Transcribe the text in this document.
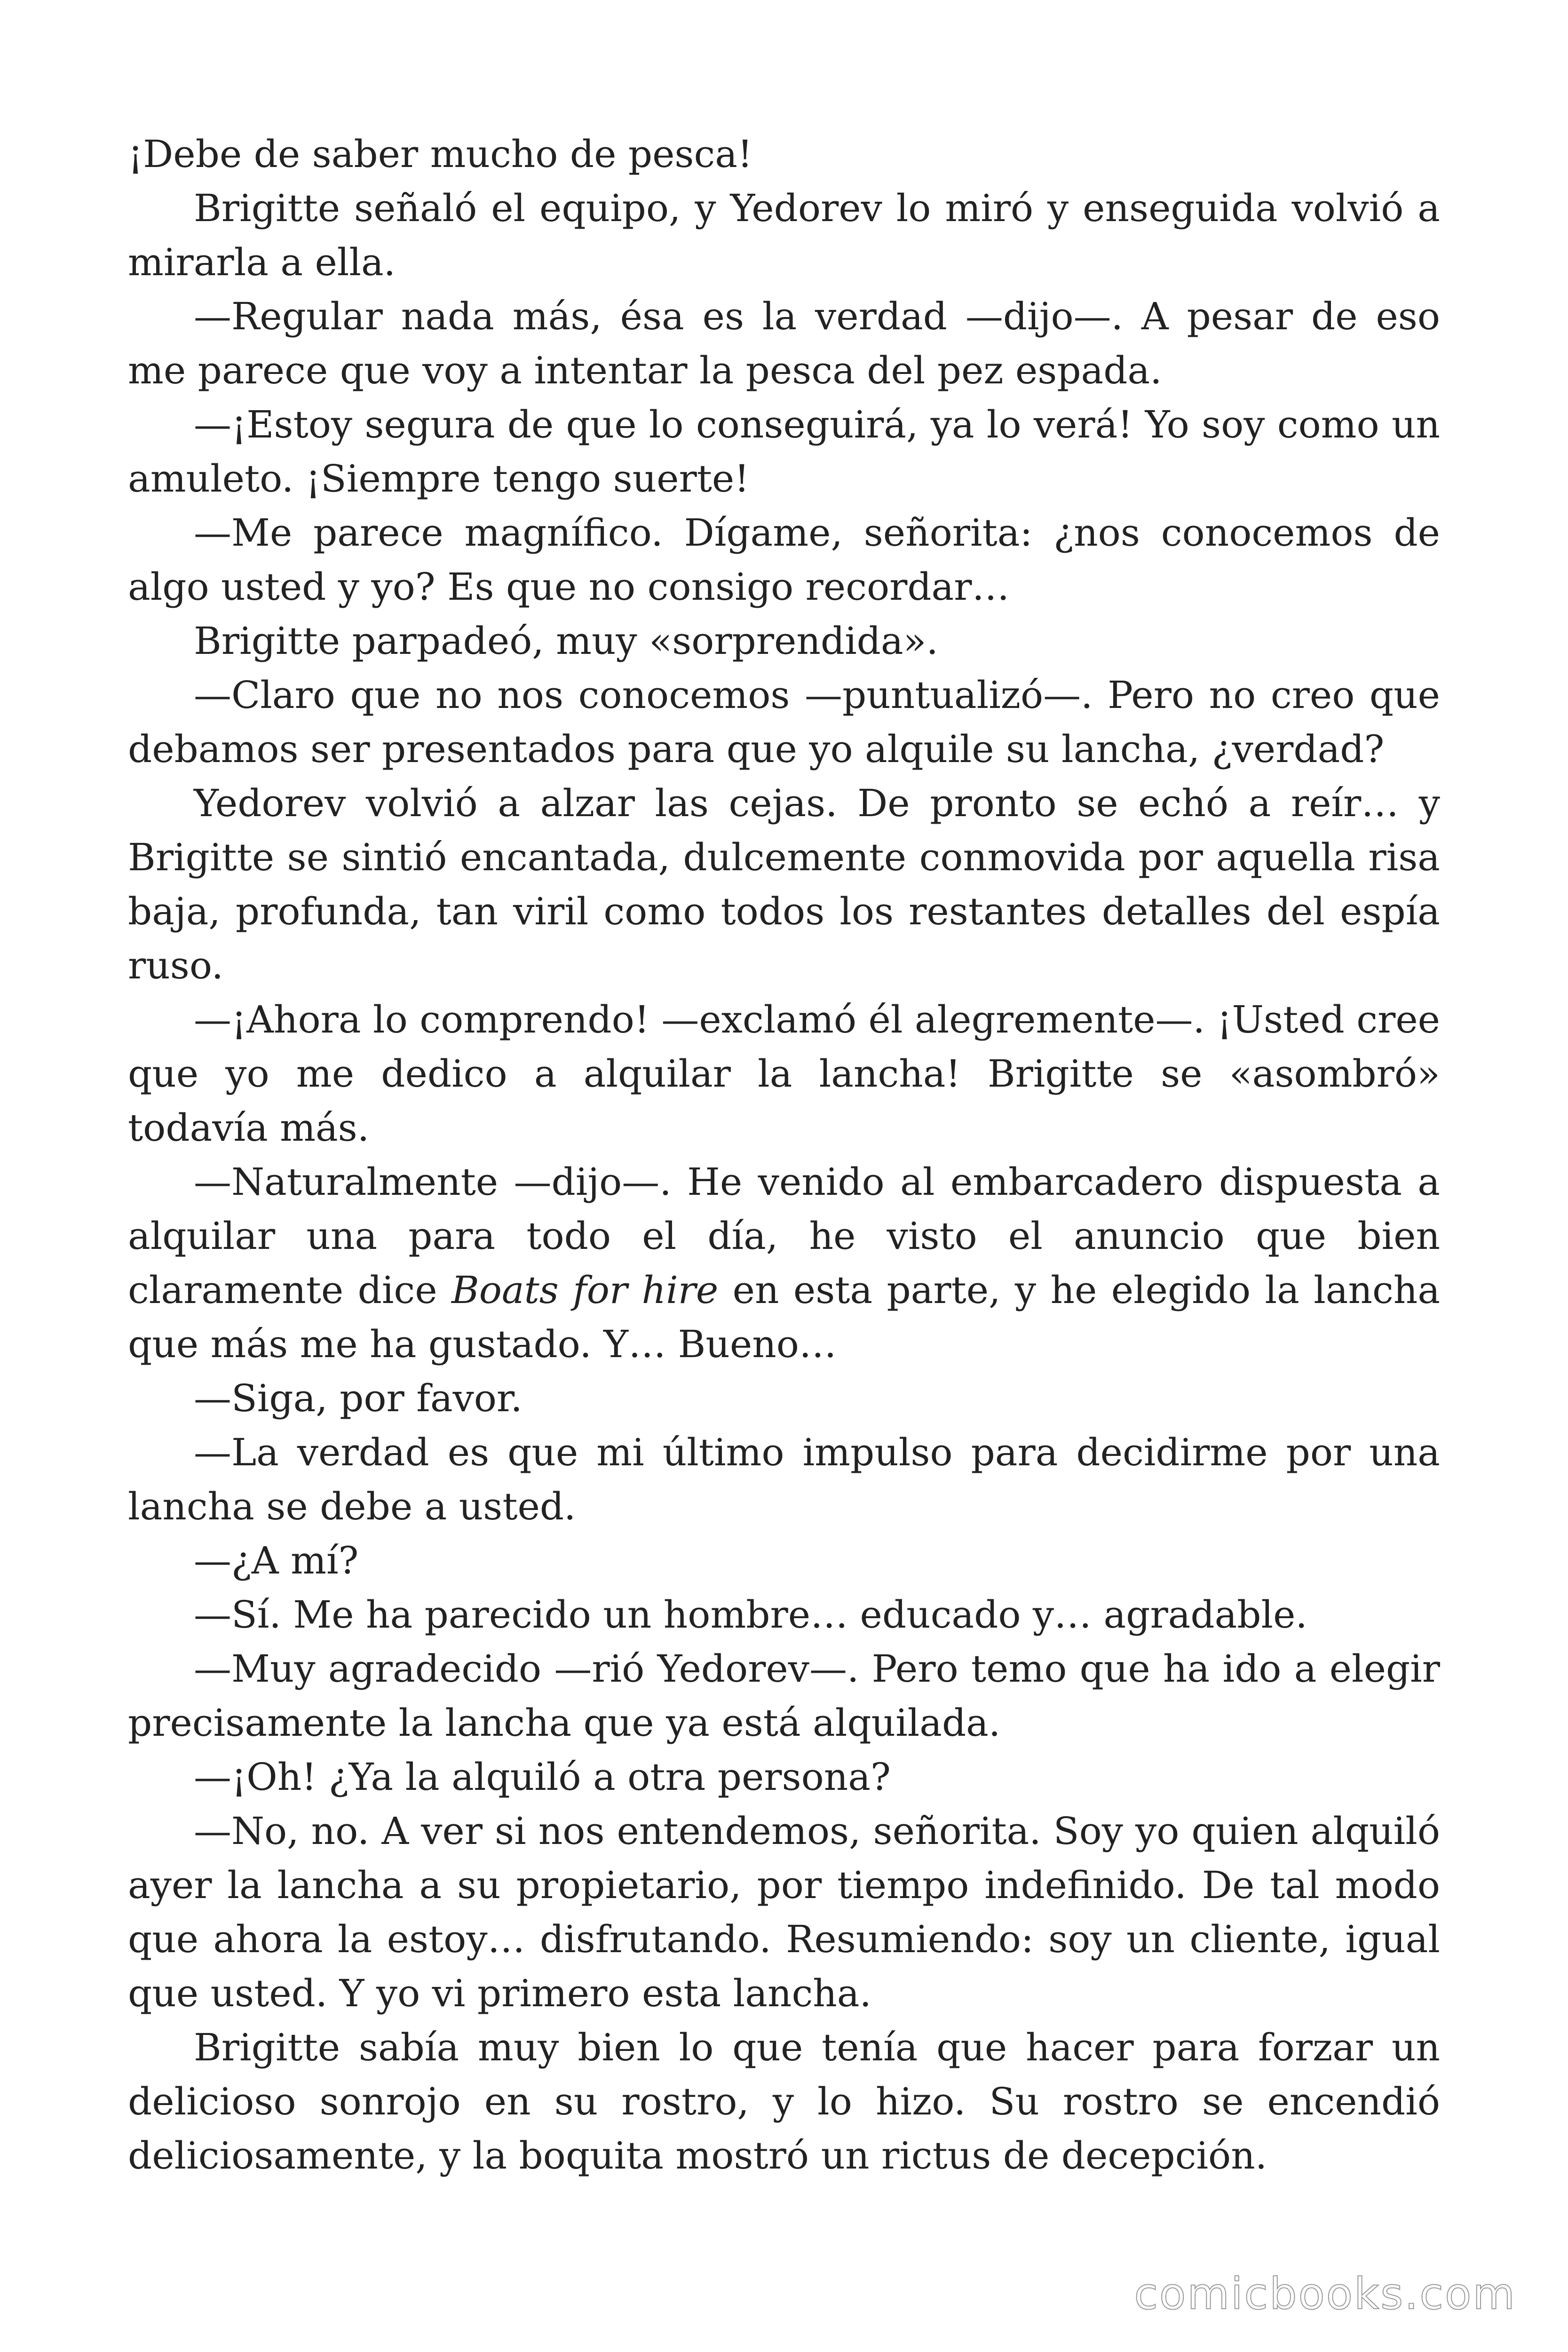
¡Debe de saber mucho de pesca!

Brigitte señaló el equipo, y Yedorev lo miró y enseguida volvió a mirarla a ella.

—Regular nada más, ésa es la verdad —dijo—. A pesar de eso me parece que voy a intentar la pesca del pez espada.

—¡Estoy segura de que lo conseguirá, ya lo verá! Yo soy como un amuleto. ¡Siempre tengo suerte!

—Me parece magnífico. Dígame, señorita: ¿nos conocemos de algo usted y yo? Es que no consigo recordar…

Brigitte parpadeó, muy «sorprendida».

—Claro que no nos conocemos —puntualizó—. Pero no creo que debamos ser presentados para que yo alquile su lancha, ¿verdad?

Yedorev volvió a alzar las cejas. De pronto se echó a reír… y Brigitte se sintió encantada, dulcemente conmovida por aquella risa baja, profunda, tan viril como todos los restantes detalles del espía ruso.

—¡Ahora lo comprendo! —exclamó él alegremente—. ¡Usted cree que yo me dedico a alquilar la lancha! Brigitte se «asombró» todavía más.

—Naturalmente —dijo—. He venido al embarcadero dispuesta a alquilar una para todo el día, he visto el anuncio que bien claramente dice Boats for hire en esta parte, y he elegido la lancha que más me ha gustado. Y… Bueno…

—Siga, por favor.

—La verdad es que mi último impulso para decidirme por una lancha se debe a usted.

—¿A mí?

—Sí. Me ha parecido un hombre… educado y… agradable.

—Muy agradecido —rió Yedorev—. Pero temo que ha ido a elegir precisamente la lancha que ya está alquilada.

—¡Oh! ¿Ya la alquiló a otra persona?

—No, no. A ver si nos entendemos, señorita. Soy yo quien alquiló ayer la lancha a su propietario, por tiempo indefinido. De tal modo que ahora la estoy… disfrutando. Resumiendo: soy un cliente, igual que usted. Y yo vi primero esta lancha.

Brigitte sabía muy bien lo que tenía que hacer para forzar un delicioso sonrojo en su rostro, y lo hizo. Su rostro se encendió deliciosamente, y la boquita mostró un rictus de decepción.

comicbooks.com
